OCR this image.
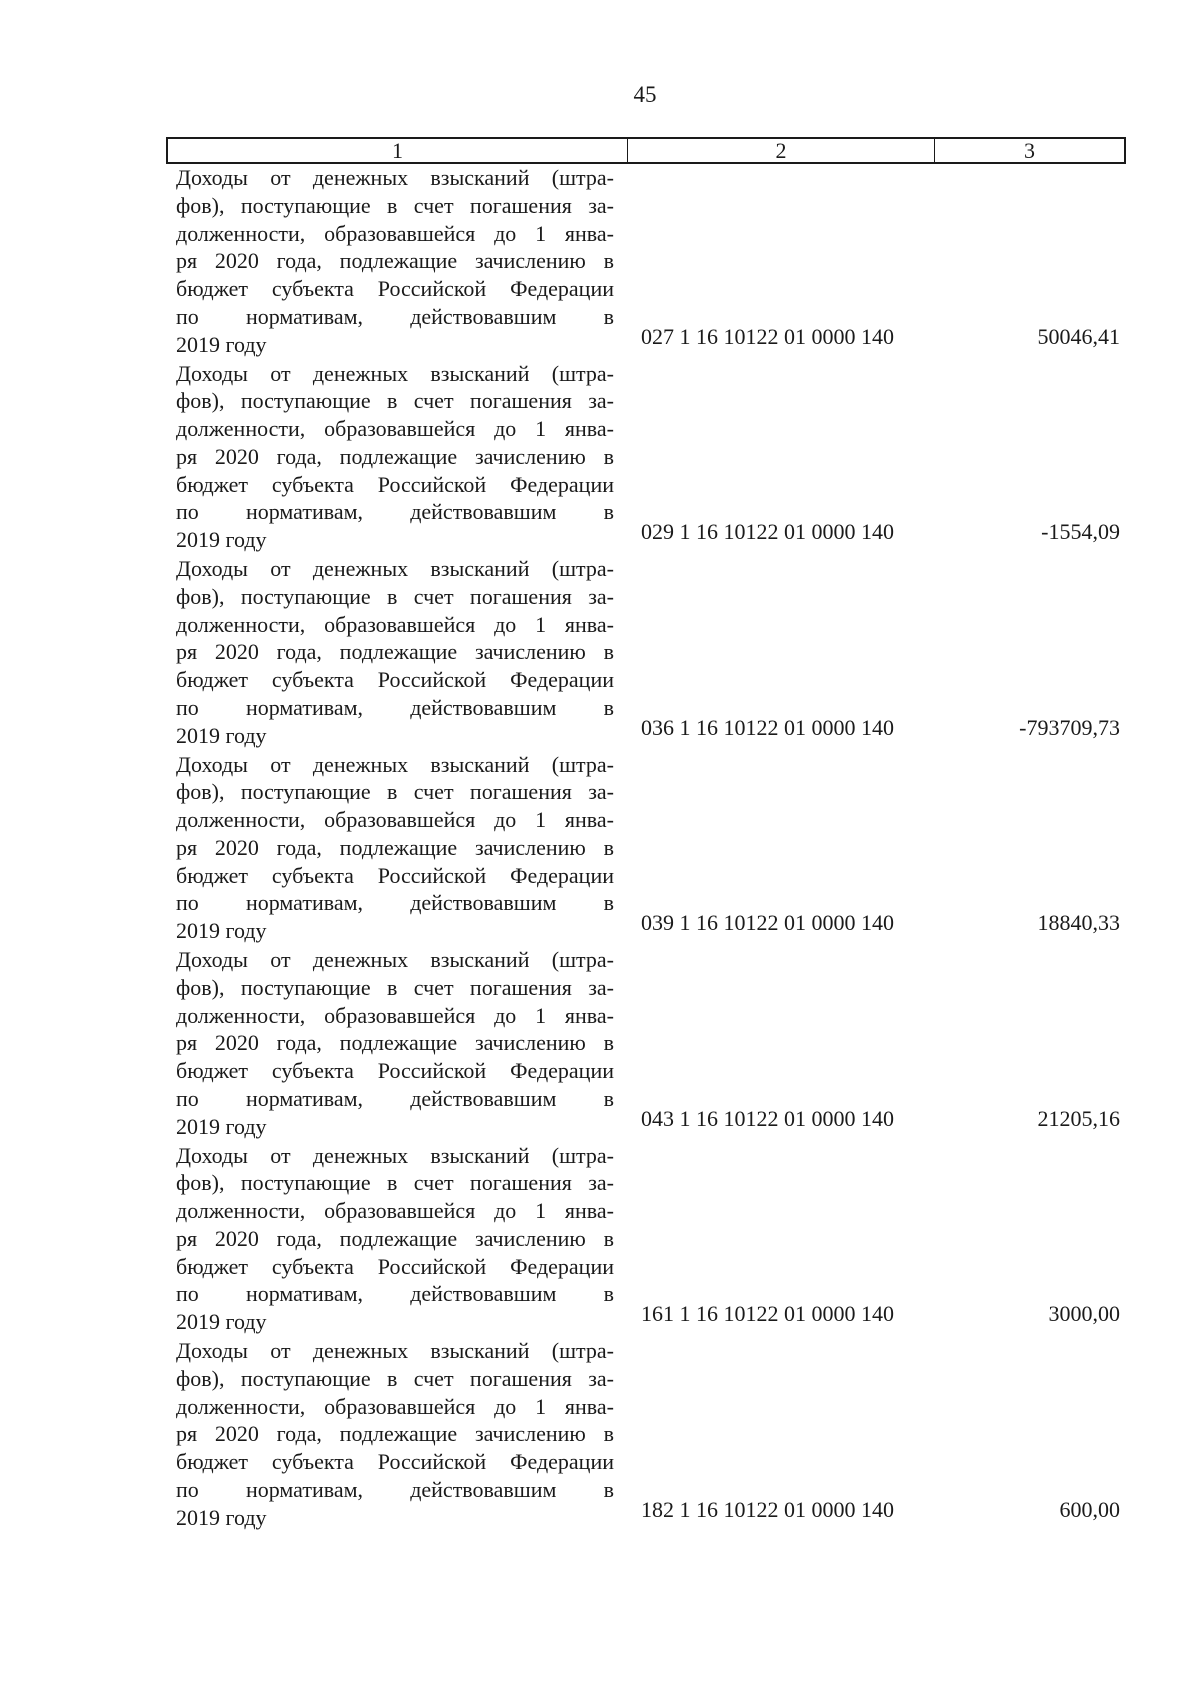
45
1	2	3
Доходы от денежных взысканий (штра-
фов), поступающие в счет погашения за-
долженности, образовавшейся до 1 янва-
ря 2020 года, подлежащие зачислению в
бюджет субъекта Российской Федерации
по нормативам, действовавшим в
2019 году	027 1 16 10122 01 0000 140	50046,41
Доходы от денежных взысканий (штра-
фов), поступающие в счет погашения за-
долженности, образовавшейся до 1 янва-
ря 2020 года, подлежащие зачислению в
бюджет субъекта Российской Федерации
по нормативам, действовавшим в
2019 году	029 1 16 10122 01 0000 140	-1554,09
Доходы от денежных взысканий (штра-
фов), поступающие в счет погашения за-
долженности, образовавшейся до 1 янва-
ря 2020 года, подлежащие зачислению в
бюджет субъекта Российской Федерации
по нормативам, действовавшим в
2019 году	036 1 16 10122 01 0000 140	-793709,73
Доходы от денежных взысканий (штра-
фов), поступающие в счет погашения за-
долженности, образовавшейся до 1 янва-
ря 2020 года, подлежащие зачислению в
бюджет субъекта Российской Федерации
по нормативам, действовавшим в
2019 году	039 1 16 10122 01 0000 140	18840,33
Доходы от денежных взысканий (штра-
фов), поступающие в счет погашения за-
долженности, образовавшейся до 1 янва-
ря 2020 года, подлежащие зачислению в
бюджет субъекта Российской Федерации
по нормативам, действовавшим в
2019 году	043 1 16 10122 01 0000 140	21205,16
Доходы от денежных взысканий (штра-
фов), поступающие в счет погашения за-
долженности, образовавшейся до 1 янва-
ря 2020 года, подлежащие зачислению в
бюджет субъекта Российской Федерации
по нормативам, действовавшим в
2019 году	161 1 16 10122 01 0000 140	3000,00
Доходы от денежных взысканий (штра-
фов), поступающие в счет погашения за-
долженности, образовавшейся до 1 янва-
ря 2020 года, подлежащие зачислению в
бюджет субъекта Российской Федерации
по нормативам, действовавшим в
2019 году	182 1 16 10122 01 0000 140	600,00
